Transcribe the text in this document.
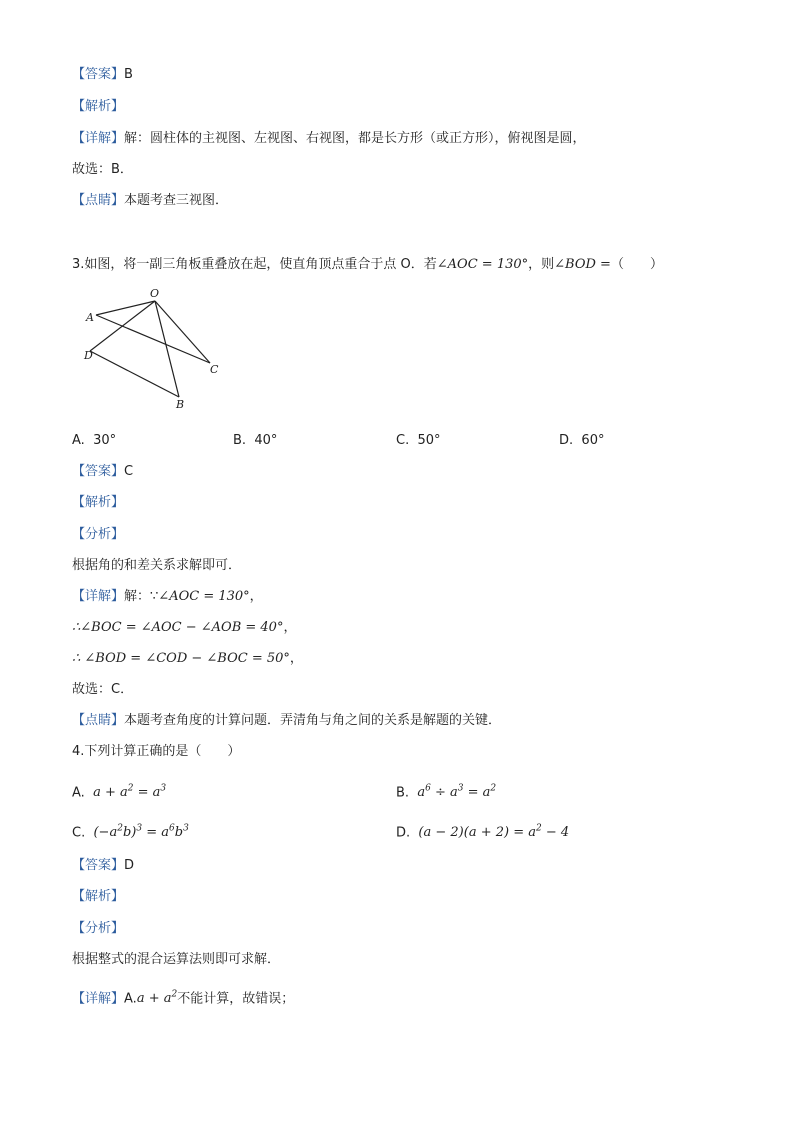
【答案】B
【解析】
【详解】解：圆柱体的主视图、左视图、右视图，都是长方形（或正方形），俯视图是圆，
故选：B．
【点睛】本题考查三视图．
3.如图，将一副三角板重叠放在起，使直角顶点重合于点 O．若∠AOC = 130°，则∠BOD =（　　）
O
A
D
C
B
A. 30°	B. 40°	C. 50°	D. 60°
【答案】C
【解析】
【分析】
根据角的和差关系求解即可．
【详解】解：∵∠AOC = 130°，
∴∠BOC = ∠AOC − ∠AOB = 40°，
∴ ∠BOD = ∠COD − ∠BOC = 50°，
故选：C．
【点睛】本题考查角度的计算问题．弄清角与角之间的关系是解题的关键．
4.下列计算正确的是（　　）
A. $a + a^2 = a^3$	B. $a^6 \div a^3 = a^2$
C. $(-a^2b)^3 = a^6b^3$	D. $(a - 2)(a + 2) = a^2 - 4$
【答案】D
【解析】
【分析】
根据整式的混合运算法则即可求解．
【详解】$A.a + a^2$不能计算，故错误；
